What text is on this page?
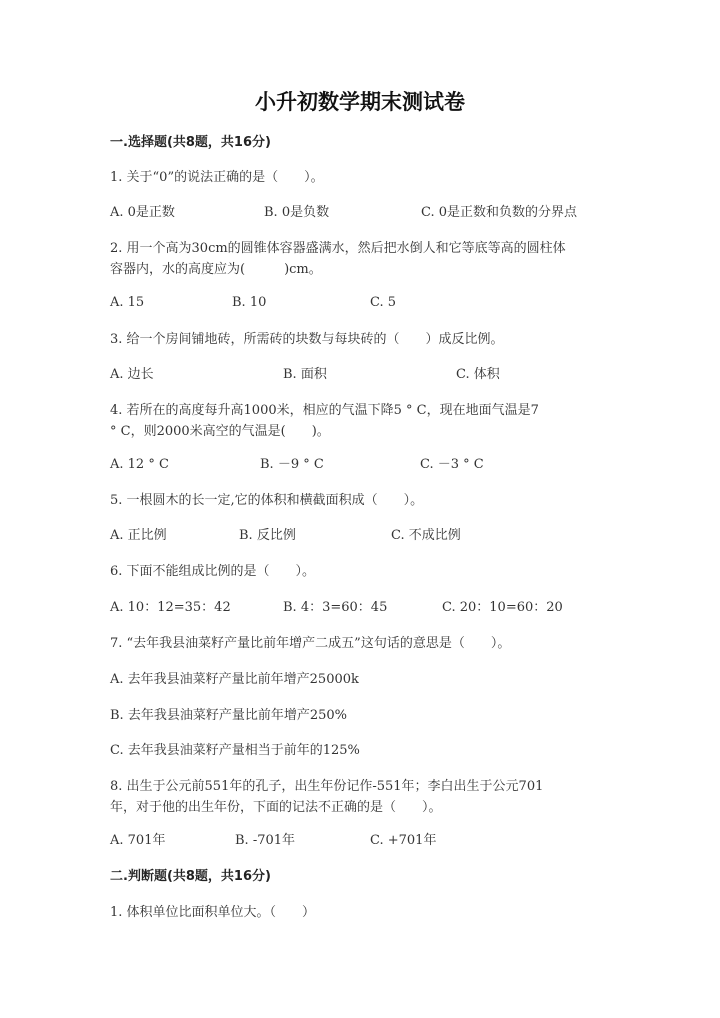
小升初数学期末测试卷
一.选择题(共8题，共16分)
1. 关于“0”的说法正确的是（　　）。
A. 0是正数	B. 0是负数	C. 0是正数和负数的分界点
2. 用一个高为30cm的圆锥体容器盛满水，然后把水倒人和它等底等高的圆柱体
容器内，水的高度应为(　　　)cm。
A. 15	B. 10	C. 5
3. 给一个房间铺地砖，所需砖的块数与每块砖的（　　）成反比例。
A. 边长	B. 面积	C. 体积
4. 若所在的高度每升高1000米，相应的气温下降5 ° C，现在地面气温是7
° C，则2000米高空的气温是(　　)。
A. 12 ° C	B. －9 ° C	C. －3 ° C
5. 一根圆木的长一定,它的体积和横截面积成（　　）。
A. 正比例	B. 反比例	C. 不成比例
6. 下面不能组成比例的是（　　）。
A. 10：12=35：42	B. 4：3=60：45	C. 20：10=60：20
7. “去年我县油菜籽产量比前年增产二成五”这句话的意思是（　　）。
A. 去年我县油菜籽产量比前年增产25000k
B. 去年我县油菜籽产量比前年增产250%
C. 去年我县油菜籽产量相当于前年的125%
8. 出生于公元前551年的孔子，出生年份记作-551年；李白出生于公元701
年，对于他的出生年份，下面的记法不正确的是（　　）。
A. 701年	B. -701年	C. +701年
二.判断题(共8题，共16分)
1. 体积单位比面积单位大。（　　）
